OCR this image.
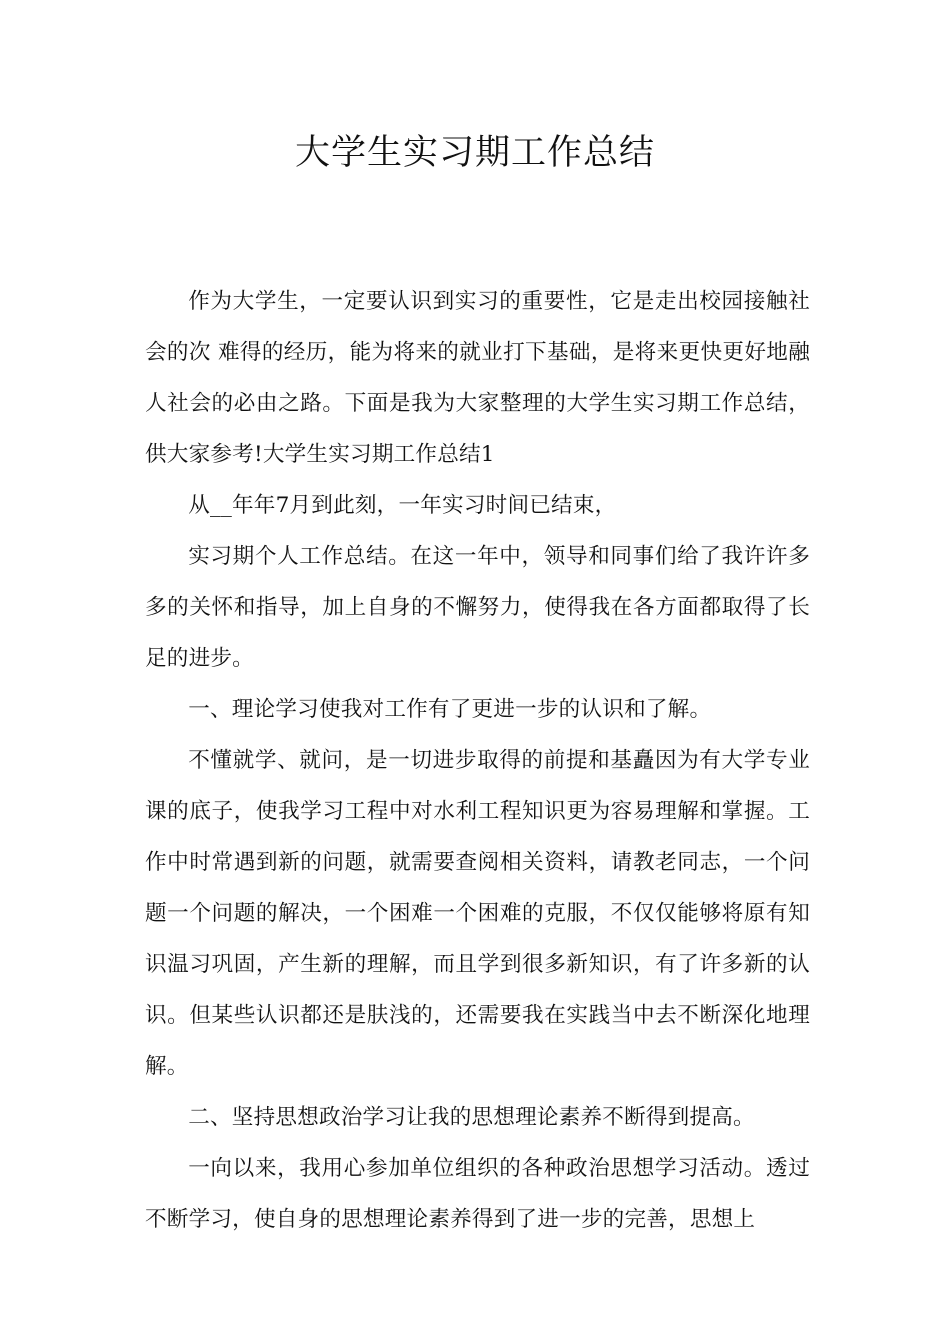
大学生实习期工作总结

作为大学生，一定要认识到实习的重要性，它是走出校园接触社会的次 难得的经历，能为将来的就业打下基础，是将来更快更好地融人社会的必由之路。下面是我为大家整理的大学生实习期工作总结，供大家参考!大学生实习期工作总结1

从__年年7月到此刻，一年实习时间已结束，

实习期个人工作总结。在这一年中，领导和同事们给了我许许多多的关怀和指导，加上自身的不懈努力，使得我在各方面都取得了长足的进步。

一、理论学习使我对工作有了更进一步的认识和了解。

不懂就学、就问，是一切进步取得的前提和基矗因为有大学专业课的底子，使我学习工程中对水利工程知识更为容易理解和掌握。工作中时常遇到新的问题，就需要查阅相关资料，请教老同志，一个问题一个问题的解决，一个困难一个困难的克服，不仅仅能够将原有知识温习巩固，产生新的理解，而且学到很多新知识，有了许多新的认识。但某些认识都还是肤浅的，还需要我在实践当中去不断深化地理解。

二、坚持思想政治学习让我的思想理论素养不断得到提高。

一向以来，我用心参加单位组织的各种政治思想学习活动。透过不断学习，使自身的思想理论素养得到了进一步的完善，思想上
